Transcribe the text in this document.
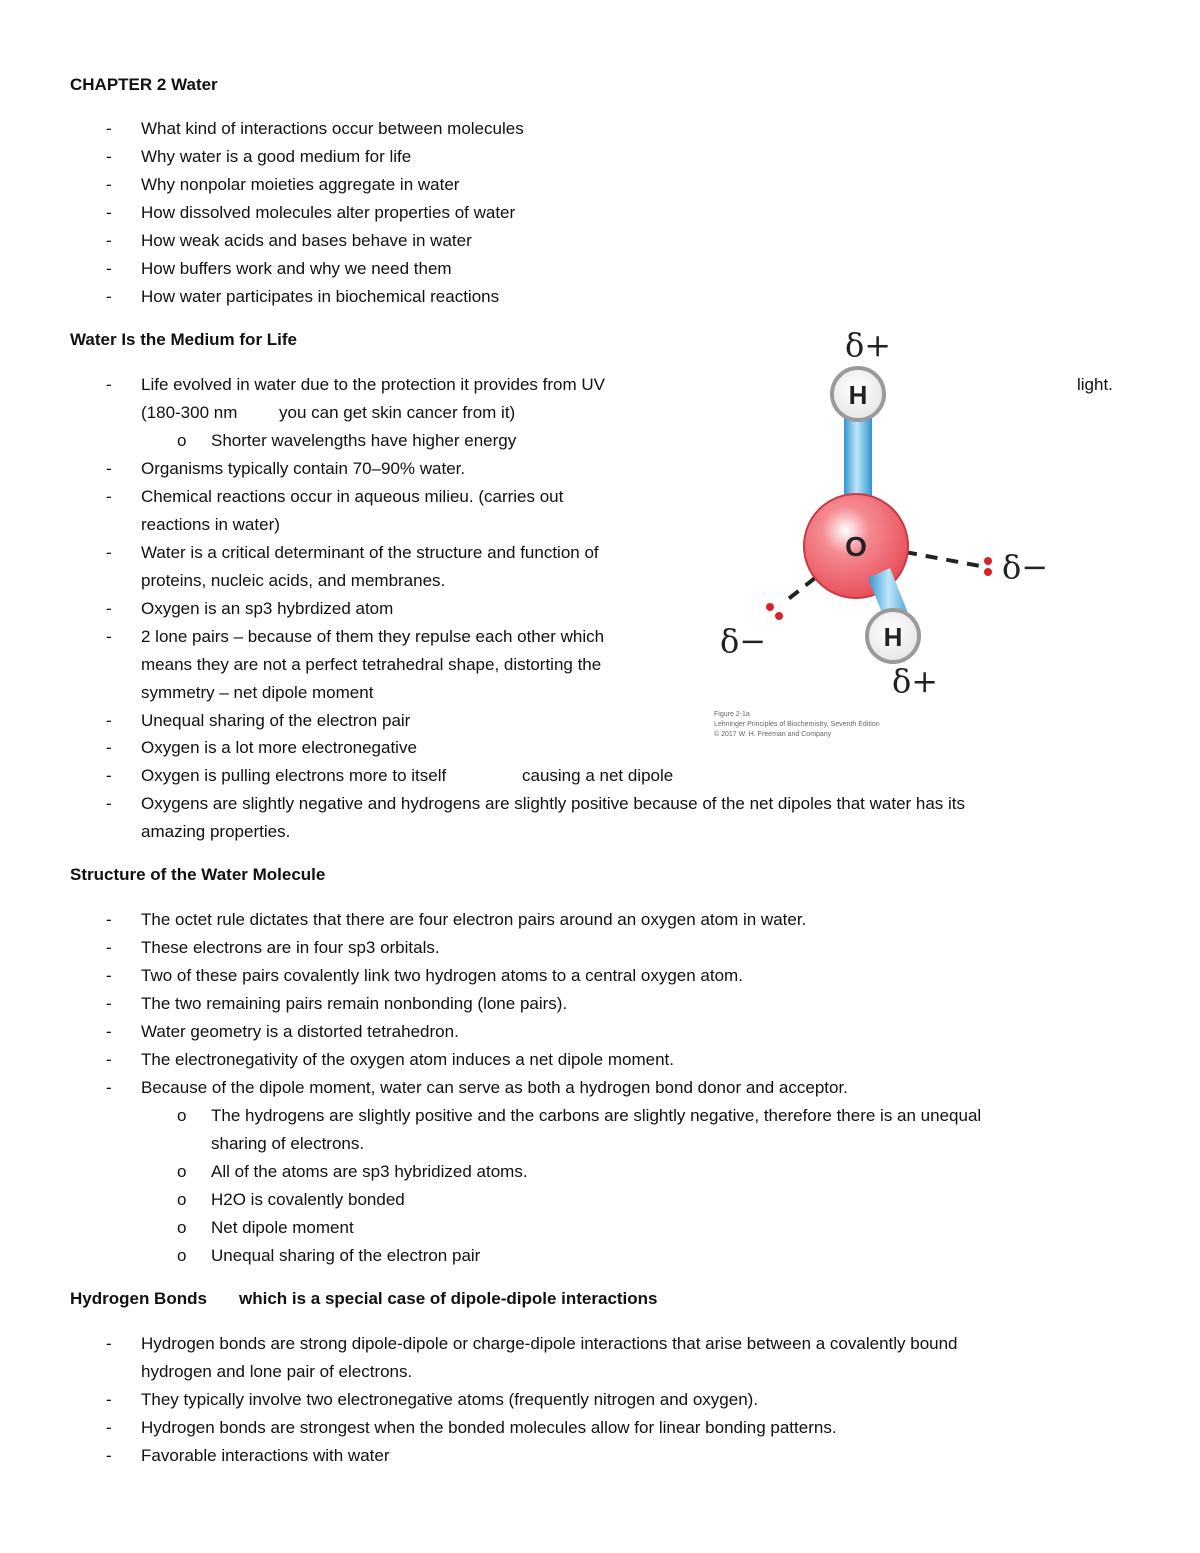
CHAPTER 2 Water
-	What kind of interactions occur between molecules
-	Why water is a good medium for life
-	Why nonpolar moieties aggregate in water
-	How dissolved molecules alter properties of water
-	How weak acids and bases behave in water
-	How buffers work and why we need them
-	How water participates in biochemical reactions
Water Is the Medium for Life
-	Life evolved in water due to the protection it provides from UV	light.
(180-300 nm you can get skin cancer from it)
o Shorter wavelengths have higher energy
-	Organisms typically contain 70–90% water.
-	Chemical reactions occur in aqueous milieu. (carries out
reactions in water)
-	Water is a critical determinant of the structure and function of
proteins, nucleic acids, and membranes.
-	Oxygen is an sp3 hybrdized atom
-	2 lone pairs – because of them they repulse each other which
means they are not a perfect tetrahedral shape, distorting the
symmetry – net dipole moment
-	Unequal sharing of the electron pair
-	Oxygen is a lot more electronegative
-	Oxygen is pulling electrons more to itself	causing a net dipole
-	Oxygens are slightly negative and hydrogens are slightly positive because of the net dipoles that water has its
amazing properties.
O
H
H
δ+
δ−
δ−
δ+
Figure 2-1a
Lehninger Principles of Biochemistry, Seventh Edition
© 2017 W. H. Freeman and Company
Structure of the Water Molecule
-	The octet rule dictates that there are four electron pairs around an oxygen atom in water.
-	These electrons are in four sp3 orbitals.
-	Two of these pairs covalently link two hydrogen atoms to a central oxygen atom.
-	The two remaining pairs remain nonbonding (lone pairs).
-	Water geometry is a distorted tetrahedron.
-	The electronegativity of the oxygen atom induces a net dipole moment.
-	Because of the dipole moment, water can serve as both a hydrogen bond donor and acceptor.
o The hydrogens are slightly positive and the carbons are slightly negative, therefore there is an unequal
sharing of electrons.
o All of the atoms are sp3 hybridized atoms.
o H2O is covalently bonded
o Net dipole moment
o Unequal sharing of the electron pair
Hydrogen Bonds which is a special case of dipole-dipole interactions
-	Hydrogen bonds are strong dipole-dipole or charge-dipole interactions that arise between a covalently bound
hydrogen and lone pair of electrons.
-	They typically involve two electronegative atoms (frequently nitrogen and oxygen).
-	Hydrogen bonds are strongest when the bonded molecules allow for linear bonding patterns.
-	Favorable interactions with water
